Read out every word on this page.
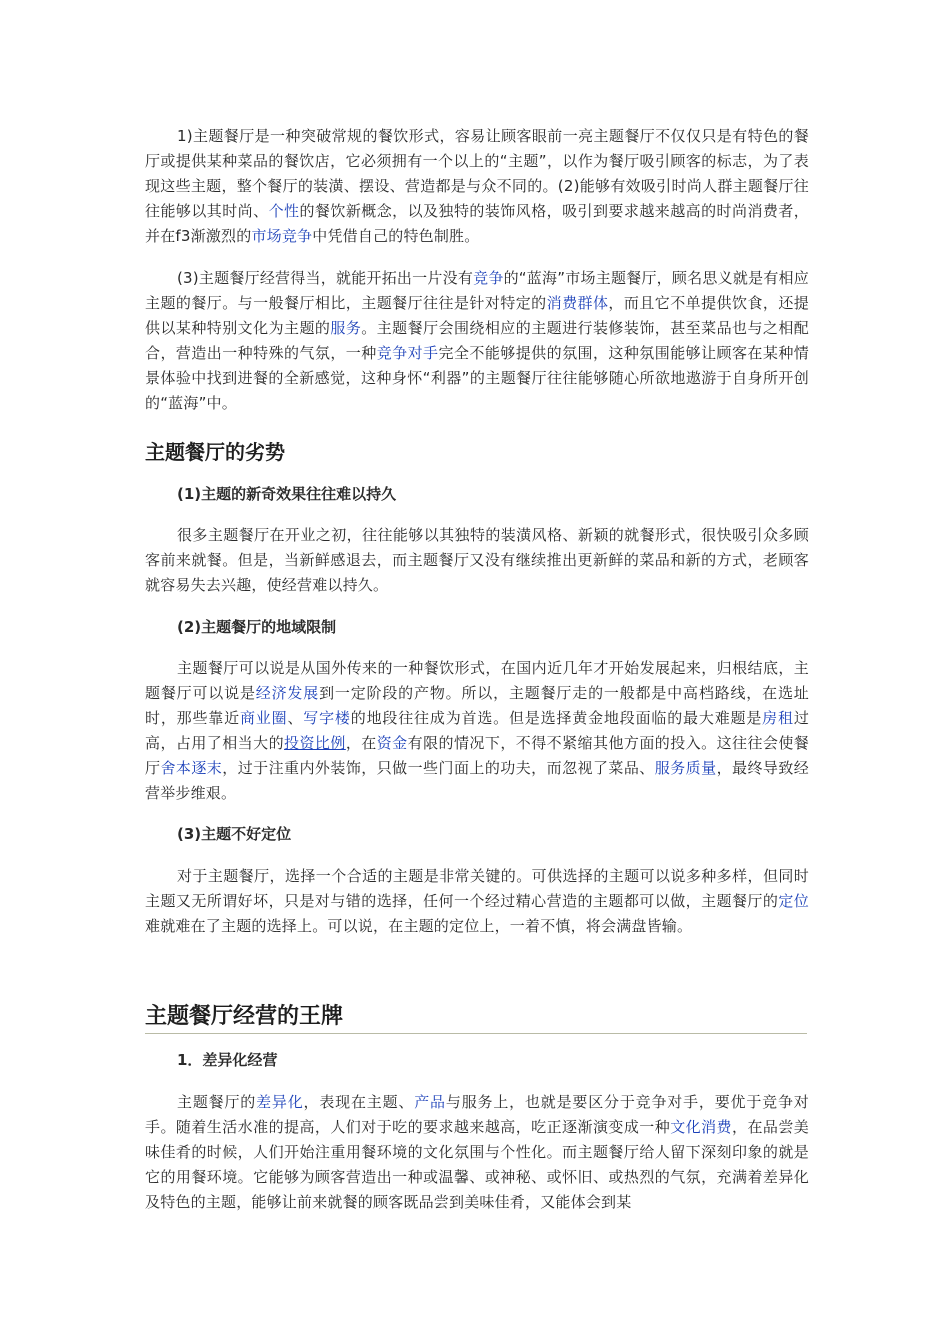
1)主题餐厅是一种突破常规的餐饮形式，容易让顾客眼前一亮主题餐厅不仅仅只是有特色的餐厅或提供某种菜品的餐饮店，它必须拥有一个以上的“主题”，以作为餐厅吸引顾客的标志，为了表现这些主题，整个餐厅的装潢、摆设、营造都是与众不同的。(2)能够有效吸引时尚人群主题餐厅往往能够以其时尚、个性的餐饮新概念，以及独特的装饰风格，吸引到要求越来越高的时尚消费者，并在f3渐激烈的市场竞争中凭借自己的特色制胜。

(3)主题餐厅经营得当，就能开拓出一片没有竞争的“蓝海”市场主题餐厅，顾名思义就是有相应主题的餐厅。与一般餐厅相比，主题餐厅往往是针对特定的消费群体，而且它不单提供饮食，还提供以某种特别文化为主题的服务。主题餐厅会围绕相应的主题进行装修装饰，甚至菜品也与之相配合，营造出一种特殊的气氛，一种竞争对手完全不能够提供的氛围，这种氛围能够让顾客在某种情景体验中找到进餐的全新感觉，这种身怀“利器”的主题餐厅往往能够随心所欲地遨游于自身所开创的“蓝海”中。

主题餐厅的劣势

(1)主题的新奇效果往往难以持久

很多主题餐厅在开业之初，往往能够以其独特的装潢风格、新颖的就餐形式，很快吸引众多顾客前来就餐。但是，当新鲜感退去，而主题餐厅又没有继续推出更新鲜的菜品和新的方式，老顾客就容易失去兴趣，使经营难以持久。

(2)主题餐厅的地域限制

主题餐厅可以说是从国外传来的一种餐饮形式，在国内近几年才开始发展起来，归根结底，主题餐厅可以说是经济发展到一定阶段的产物。所以，主题餐厅走的一般都是中高档路线，在选址时，那些靠近商业圈、写字楼的地段往往成为首选。但是选择黄金地段面临的最大难题是房租过高，占用了相当大的投资比例，在资金有限的情况下，不得不紧缩其他方面的投入。这往往会使餐厅舍本逐末，过于注重内外装饰，只做一些门面上的功夫，而忽视了菜品、服务质量，最终导致经营举步维艰。

(3)主题不好定位

对于主题餐厅，选择一个合适的主题是非常关键的。可供选择的主题可以说多种多样，但同时主题又无所谓好坏，只是对与错的选择，任何一个经过精心营造的主题都可以做，主题餐厅的定位难就难在了主题的选择上。可以说，在主题的定位上，一着不慎，将会满盘皆输。

主题餐厅经营的王牌

1．差异化经营

主题餐厅的差异化，表现在主题、产品与服务上，也就是要区分于竞争对手，要优于竞争对手。随着生活水准的提高，人们对于吃的要求越来越高，吃正逐渐演变成一种文化消费，在品尝美味佳肴的时候，人们开始注重用餐环境的文化氛围与个性化。而主题餐厅给人留下深刻印象的就是它的用餐环境。它能够为顾客营造出一种或温馨、或神秘、或怀旧、或热烈的气氛，充满着差异化及特色的主题，能够让前来就餐的顾客既品尝到美味佳肴，又能体会到某
